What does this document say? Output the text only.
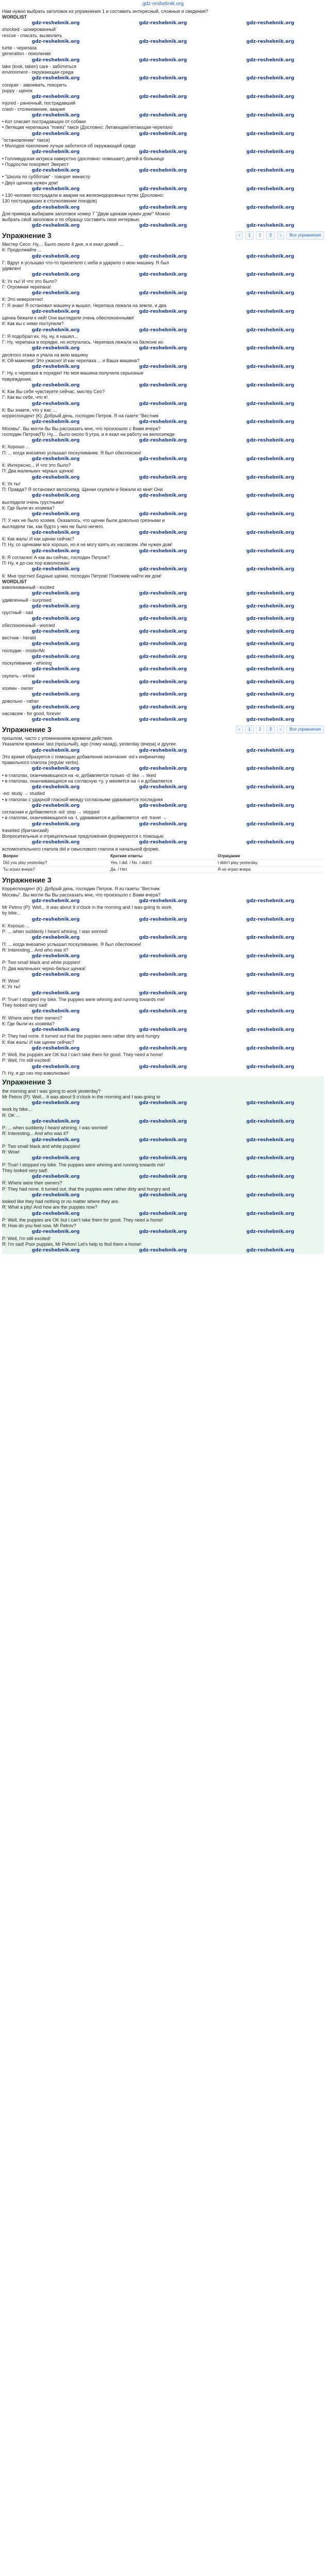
gdz-reshebnik.org
Нам нужно выбрать заголовок из упражнения 1 и составить интересный, сложные и сведения?
WORDLIST
gdz-reshebnik.org	gdz-reshebnik.org	gdz-reshebnik.org
shocked - шокированный
rescue - спасать, вызволить
gdz-reshebnik.org	gdz-reshebnik.org	gdz-reshebnik.org
turtle - черепаха
generation - поколение
gdz-reshebnik.org	gdz-reshebnik.org	gdz-reshebnik.org
take (took, taken) care - заботиться
environment - окружающая среда
gdz-reshebnik.org	gdz-reshebnik.org	gdz-reshebnik.org
conquer - завоевать, покорить
puppy - щенок
gdz-reshebnik.org	gdz-reshebnik.org	gdz-reshebnik.org
injured - раненный, пострадавший
crash - столкновение, авария
gdz-reshebnik.org	gdz-reshebnik.org	gdz-reshebnik.org
• Кот спасает пострадавшую от собаки
• Летящая черепашка "повяз" такси (Дословно: Летающая/летающая черепахо
gdz-reshebnik.org	gdz-reshebnik.org	gdz-reshebnik.org
"остановление" такси)
• Молодое поколение лучше заботится об окружающей среде
gdz-reshebnik.org	gdz-reshebnik.org	gdz-reshebnik.org
• Голливудская актриса наверстно (дословно: новешает) детей в больнице
• Подростки покоряют Эверест
gdz-reshebnik.org	gdz-reshebnik.org	gdz-reshebnik.org
• "Школа по субботам" - говорит министр
• Двух щенков нужен дом!
gdz-reshebnik.org	gdz-reshebnik.org	gdz-reshebnik.org
• 130 человек пострадали в аварии на железнодорожных путях (Дословно:
130 пострадавших в столкновении поездов)
gdz-reshebnik.org	gdz-reshebnik.org	gdz-reshebnik.org
Для примера выбираем заголовок номер 7 "Двум щенкам нужен дом!" Можно
выбрать свой заголовок и по образцу составить свое интервью.
gdz-reshebnik.org	gdz-reshebnik.org	gdz-reshebnik.org
Упражнение 3	‹	1	2	3	›	Все упражнения
Мистер Сесо: Ну,... Было около 4 дня, и я ехал домой ...
К: Продолжайте ...
gdz-reshebnik.org	gdz-reshebnik.org	gdz-reshebnik.org
Г: Вдруг я услышал что-то прилетело с неба и ударило о мою машину. Я был
удивлен!
gdz-reshebnik.org	gdz-reshebnik.org	gdz-reshebnik.org
К: Ух ты! И что это было?
Г: Огромная черепаха!
gdz-reshebnik.org	gdz-reshebnik.org	gdz-reshebnik.org
К: Это невероятно!
Г: Я знаю! Я остановил машину и вышел. Черепаха лежала на земле, и два
gdz-reshebnik.org	gdz-reshebnik.org	gdz-reshebnik.org
щенка бежали к ней! Они выглядели очень обеспокоенными!
К: Как вы с ними поступили?
gdz-reshebnik.org	gdz-reshebnik.org	gdz-reshebnik.org
Г: Я подобрал их. Ну, ну, я нашел...
Г: Ну, черепаха в порядке, но испугалась. Черепаха лежала на балконе их
gdz-reshebnik.org	gdz-reshebnik.org	gdz-reshebnik.org
десятого этажа и упала на мою машину
К: Ой мамочки! Это ужасно! И как черепаха ... и Ваша машина?
gdz-reshebnik.org	gdz-reshebnik.org	gdz-reshebnik.org
Г: Ну, к черепахе в порядке! Но моя машина получила серьезные
повреждения.
gdz-reshebnik.org	gdz-reshebnik.org	gdz-reshebnik.org
К: Как Вы себя чувствуете сейчас, мистер Сео?
Г: Как вы себе, что я!
gdz-reshebnik.org	gdz-reshebnik.org	gdz-reshebnik.org
К: Вы знаете, что у вас ...
корреспондент (К): Добрый день, господин Петров. Я на газете "Вестник
gdz-reshebnik.org	gdz-reshebnik.org	gdz-reshebnik.org
Москвы". Вы могли бы Вы рассказать мне, что произошло с Вами вчера?
господин Петров(П): Ну,... было около 9 утра, и я ехал на работу на велосипеде
gdz-reshebnik.org	gdz-reshebnik.org	gdz-reshebnik.org
К: Хорошо ...
П: ... когда внезапно услышал поскуливание. Я был обеспокоен!
gdz-reshebnik.org	gdz-reshebnik.org	gdz-reshebnik.org
К: Интересно... И что это было?
П: Два маленьких черных щенка!
gdz-reshebnik.org	gdz-reshebnik.org	gdz-reshebnik.org
К: Ух ты!
П: Правда? Я остановил велосипед. Щенки скулили и бежали ко мне! Они
gdz-reshebnik.org	gdz-reshebnik.org	gdz-reshebnik.org
выглядели очень грустными!
К: Где были их хозяева?
gdz-reshebnik.org	gdz-reshebnik.org	gdz-reshebnik.org
П: У них не было хозяев. Оказалось, что щенки были довольно грязными и
выглядели так, как будто у них не было ничего.
gdz-reshebnik.org	gdz-reshebnik.org	gdz-reshebnik.org
К: Как жаль! И как щенки сейчас?
П: Ну, со щенками все хорошо, но я не могу взять их насовсем. Им нужен дом!
gdz-reshebnik.org	gdz-reshebnik.org	gdz-reshebnik.org
К: Я согласен! А как вы сейчас, господин Петров?
П: Ну, я до сих пор взволнован!
gdz-reshebnik.org	gdz-reshebnik.org	gdz-reshebnik.org
К: Мне грустно! Бедные щенки, господин Петров! Поможем найти им дом!
WORDLIST
взволнованный - excited
gdz-reshebnik.org	gdz-reshebnik.org	gdz-reshebnik.org
удивленный - surprised
gdz-reshebnik.org	gdz-reshebnik.org	gdz-reshebnik.org
грустный - sad
gdz-reshebnik.org	gdz-reshebnik.org	gdz-reshebnik.org
обеспокоенный - worried
gdz-reshebnik.org	gdz-reshebnik.org	gdz-reshebnik.org
вестник - herald
gdz-reshebnik.org	gdz-reshebnik.org	gdz-reshebnik.org
господин - mister/Mr
gdz-reshebnik.org	gdz-reshebnik.org	gdz-reshebnik.org
поскуливание - whining
gdz-reshebnik.org	gdz-reshebnik.org	gdz-reshebnik.org
скулить - whine
gdz-reshebnik.org	gdz-reshebnik.org	gdz-reshebnik.org
хозяин - owner
gdz-reshebnik.org	gdz-reshebnik.org	gdz-reshebnik.org
довольно - rather
gdz-reshebnik.org	gdz-reshebnik.org	gdz-reshebnik.org
насовсем - for good, forever
gdz-reshebnik.org	gdz-reshebnik.org	gdz-reshebnik.org
Упражнение 3	‹	1	2	3	›	Все упражнения
прошлом, часто с упоминанием времени действия.
Указатели времени: last (прошлый), ago (тому назад), yesterday (вчера) и другие.
gdz-reshebnik.org	gdz-reshebnik.org	gdz-reshebnik.org
Это время образуется с помощью добавления окончания -ed к инфинитиву
правильного глагола (regular verbs).
gdz-reshebnik.org	gdz-reshebnik.org	gdz-reshebnik.org
• в глаголах, оканчивающихся на -е, добавляется только -d: like → liked
• в глаголах, оканчивающихся на согласную +y, у меняется на -i и добавляется
gdz-reshebnik.org	gdz-reshebnik.org	gdz-reshebnik.org
-ed: study → studied
• в глаголах с ударной гласной между согласными удваивается последняя
gdz-reshebnik.org	gdz-reshebnik.org	gdz-reshebnik.org
согласная и добавляется -ed: stop → stopped
• в глаголах, оканчивающихся на -l, удваивается и добавляется -ed: travel →
gdz-reshebnik.org	gdz-reshebnik.org	gdz-reshebnik.org
travelled (британский)
Вопросительные и отрицательные предложения формируются с помощью
gdz-reshebnik.org	gdz-reshebnik.org	gdz-reshebnik.org
вспомогательного глагола did и смыслового глагола в начальной форме.
Вопрос	Краткие ответы	Отрицание
Did you play yesterday?	Yes, I did. / No, I didn't.	I didn't play yesterday.
Ты играл вчера?	Да. / Нет.	Я не играл вчера.
Упражнение 3
Корреспондент (К): Добрый день, господин Петров. Я из газеты "Вестник
Москвы". Вы могли бы Вы рассказать мне, что произошло с Вами вчера?
gdz-reshebnik.org	gdz-reshebnik.org	gdz-reshebnik.org
Mr Petrov (P): Well... It was about 9 o'clock in the morning and I was going to work
by bike...
gdz-reshebnik.org	gdz-reshebnik.org	gdz-reshebnik.org
К: Хорошо ...
P: ... when suddenly I heard whining. I was worried!
gdz-reshebnik.org	gdz-reshebnik.org	gdz-reshebnik.org
П: ... когда внезапно услышал поскуливание. Я был обеспокоен!
R: Interesting... And who was it?
gdz-reshebnik.org	gdz-reshebnik.org	gdz-reshebnik.org
P: Two small black and white puppies!
П: Два маленьких черно-белых щенка!
gdz-reshebnik.org	gdz-reshebnik.org	gdz-reshebnik.org
R: Wow!
К: Ух ты!
gdz-reshebnik.org	gdz-reshebnik.org	gdz-reshebnik.org
P: True! I stopped my bike. The puppies were whining and running towards me!
They looked very sad!
gdz-reshebnik.org	gdz-reshebnik.org	gdz-reshebnik.org
R: Where were their owners?
К: Где были их хозяева?
gdz-reshebnik.org	gdz-reshebnik.org	gdz-reshebnik.org
P: They had none. It turned out that the puppies were rather dirty and hungry
К: Как жаль! И как щенки сейчас?
gdz-reshebnik.org	gdz-reshebnik.org	gdz-reshebnik.org
P: Well, the puppies are OK but I can't take them for good. They need a home!
P: Well, I'm still excited!
gdz-reshebnik.org	gdz-reshebnik.org	gdz-reshebnik.org
П: Ну, я до сих пор взволнован!
Упражнение 3
the morning and I was going to work yesterday?
Mr Petrov (P): Well... It was about 9 o'clock in the morning and I was going to
gdz-reshebnik.org	gdz-reshebnik.org	gdz-reshebnik.org
work by bike...
R: OK ...
gdz-reshebnik.org	gdz-reshebnik.org	gdz-reshebnik.org
P: ... when suddenly I heard whining. I was worried!
R: Interesting... And who was it?
gdz-reshebnik.org	gdz-reshebnik.org	gdz-reshebnik.org
P: Two small black and white puppies!
R: Wow!
gdz-reshebnik.org	gdz-reshebnik.org	gdz-reshebnik.org
P: True! I stopped my bike. The puppies were whining and running towards me!
They looked very sad!
gdz-reshebnik.org	gdz-reshebnik.org	gdz-reshebnik.org
R: Where were their owners?
P: They had none. It turned out, that the puppies were rather dirty and hungry and
gdz-reshebnik.org	gdz-reshebnik.org	gdz-reshebnik.org
looked like they had nothing or no matter where they are.
R: What a pity! And how are the puppies now?
gdz-reshebnik.org	gdz-reshebnik.org	gdz-reshebnik.org
P: Well, the puppies are OK but I can't take them for good. They need a home!
R: How do you feel now, Mr Petrov?
gdz-reshebnik.org	gdz-reshebnik.org	gdz-reshebnik.org
P: Well, I'm still excited!
R: I'm sad! Poor puppies, Mr Petrov! Let's help to find them a home!
gdz-reshebnik.org	gdz-reshebnik.org	gdz-reshebnik.org
